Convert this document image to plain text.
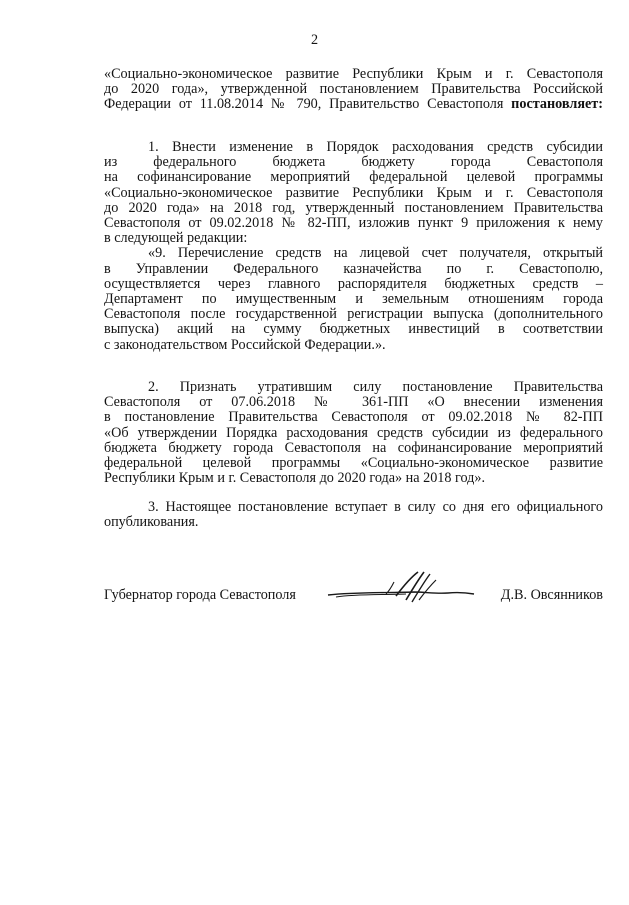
2
«Социально-экономическое развитие Республики Крым и г. Севастополя
до 2020 года», утвержденной постановлением Правительства Российской
Федерации от 11.08.2014 № 790, Правительство Севастополя постановляет:
1. Внести изменение в Порядок расходования средств субсидии
из федерального бюджета бюджету города Севастополя
на софинансирование мероприятий федеральной целевой программы
«Социально-экономическое развитие Республики Крым и г. Севастополя
до 2020 года» на 2018 год, утвержденный постановлением Правительства
Севастополя от 09.02.2018 № 82-ПП, изложив пункт 9 приложения к нему
в следующей редакции:
«9. Перечисление средств на лицевой счет получателя, открытый
в Управлении Федерального казначейства по г. Севастополю,
осуществляется через главного распорядителя бюджетных средств –
Департамент по имущественным и земельным отношениям города
Севастополя после государственной регистрации выпуска (дополнительного
выпуска) акций на сумму бюджетных инвестиций в соответствии
с законодательством Российской Федерации.».
2. Признать утратившим силу постановление Правительства
Севастополя от 07.06.2018 № 361-ПП «О внесении изменения
в постановление Правительства Севастополя от 09.02.2018 № 82-ПП
«Об утверждении Порядка расходования средств субсидии из федерального
бюджета бюджету города Севастополя на софинансирование мероприятий
федеральной целевой программы «Социально-экономическое развитие
Республики Крым и г. Севастополя до 2020 года» на 2018 год».
3. Настоящее постановление вступает в силу со дня его официального
опубликования.
Губернатор города Севастополя	Д.В. Овсянников
